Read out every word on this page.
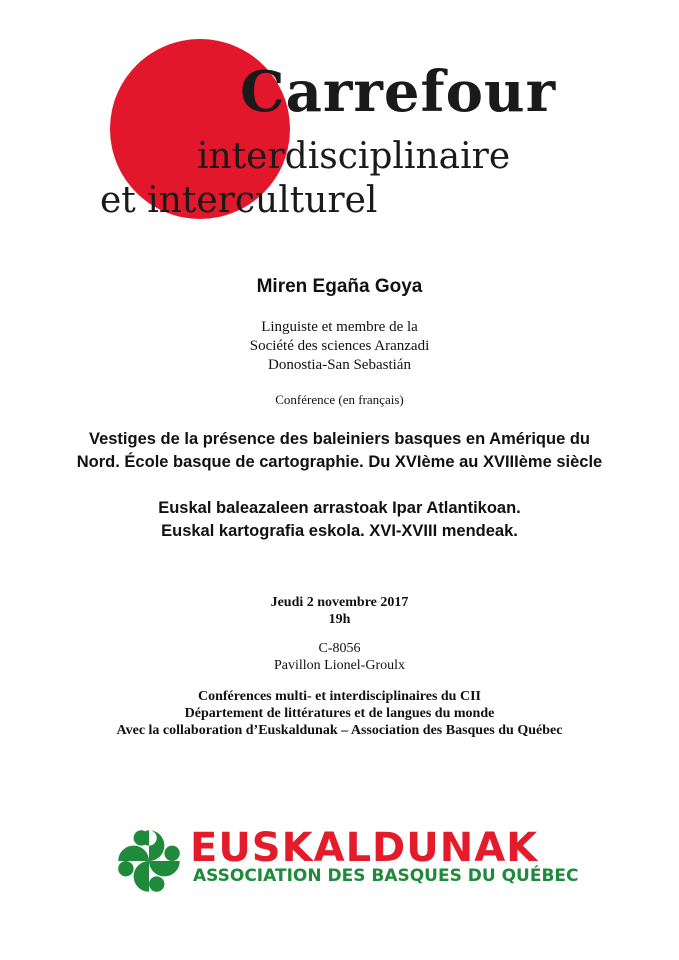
Carrefour
interdisciplinaire
et interculturel
Miren Egaña Goya
Linguiste et membre de la
Société des sciences Aranzadi
Donostia-San Sebastián
Conférence (en français)
Vestiges de la présence des baleiniers basques en Amérique du
Nord. École basque de cartographie. Du XVIème au XVIIIème siècle
Euskal baleazaleen arrastoak Ipar Atlantikoan.
Euskal kartografia eskola. XVI-XVIII mendeak.
Jeudi 2 novembre 2017
19h
C-8056
Pavillon Lionel-Groulx
Conférences multi- et interdisciplinaires du CII
Département de littératures et de langues du monde
Avec la collaboration d’Euskaldunak – Association des Basques du Québec
EUSKALDUNAK
ASSOCIATION DES BASQUES DU QUÉBEC
